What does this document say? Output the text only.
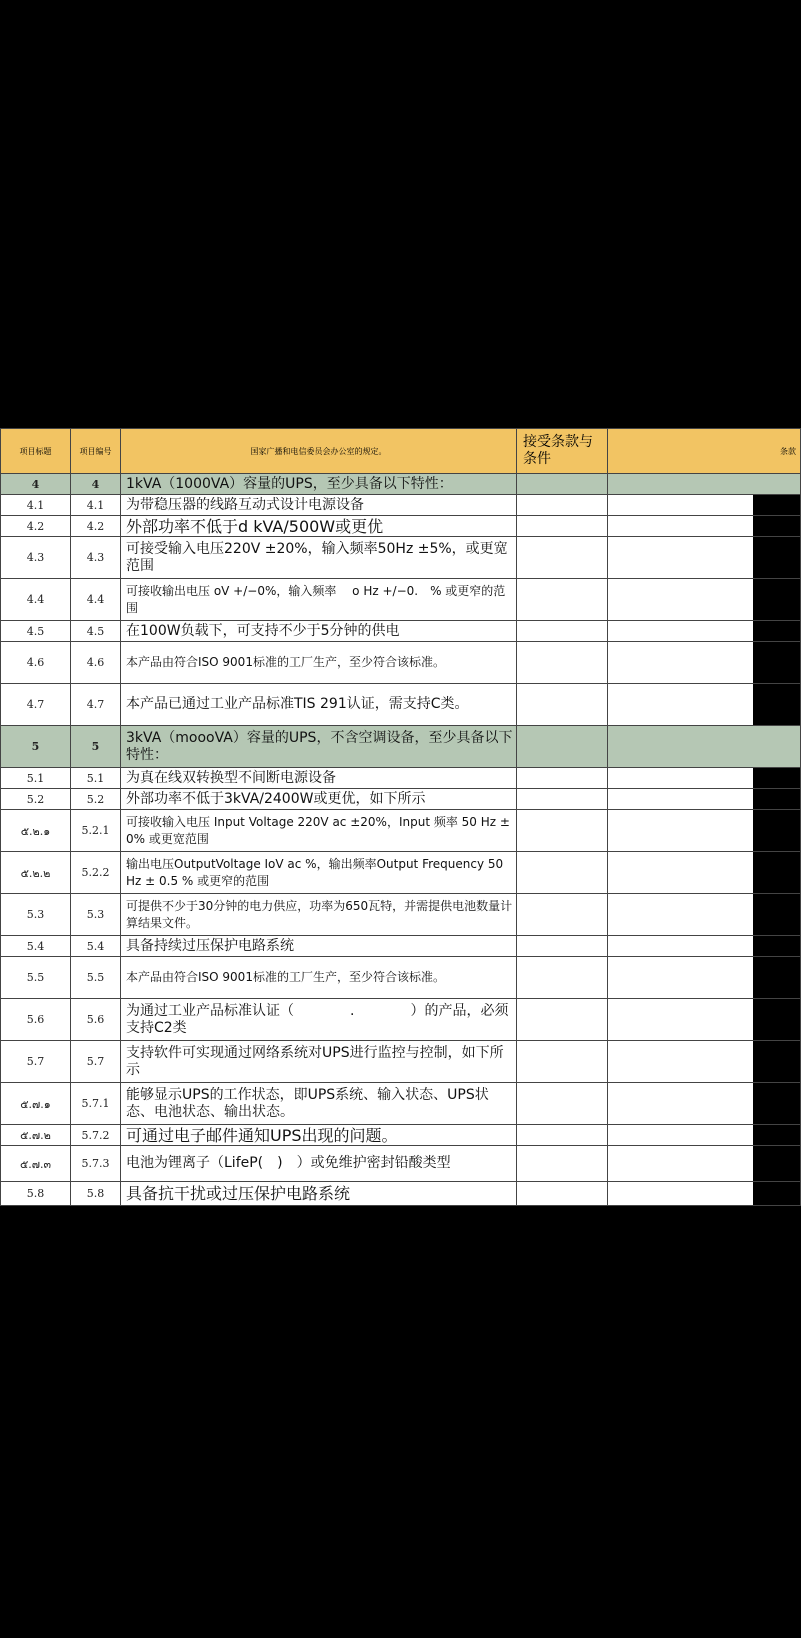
项目标题	项目编号	国家广播和电信委员会办公室的规定。	接受条款与条件	条款
4	4	1kVA（1000VA）容量的UPS，至少具备以下特性：		
4.1	4.1	为带稳压器的线路互动式设计电源设备		
4.2	4.2	外部功率不低于d kVA/500W或更优		
4.3	4.3	可接受输入电压220V ±20%，输入频率50Hz ±5%，或更宽范围		
4.4	4.4	可接收输出电压 oV +/−0%，输入频率　 o Hz +/−0.　% 或更窄的范围		
4.5	4.5	在100W负载下，可支持不少于5分钟的供电		
4.6	4.6	本产品由符合ISO 9001标准的工厂生产，至少符合该标准。		
4.7	4.7	本产品已通过工业产品标准TIS 291认证，需支持C类。		
5	5	3kVA（moooVA）容量的UPS，不含空调设备，至少具备以下特性：		
5.1	5.1	为真在线双转换型不间断电源设备		
5.2	5.2	外部功率不低于3kVA/2400W或更优，如下所示		
๕.๒.๑	5.2.1	可接收输入电压 Input Voltage 220V ac ±20%，Input 频率 50 Hz ± 0% 或更宽范围		
๕.๒.๒	5.2.2	输出电压OutputVoltage IoV ac %，输出频率Output Frequency 50 Hz ± 0.5 % 或更窄的范围		
5.3	5.3	可提供不少于30分钟的电力供应，功率为650瓦特，并需提供电池数量计算结果文件。		
5.4	5.4	具备持续过压保护电路系统		
5.5	5.5	本产品由符合ISO 9001标准的工厂生产，至少符合该标准。		
5.6	5.6	为通过工业产品标准认证（　　　　.　　　　）的产品，必须支持C2类		
5.7	5.7	支持软件可实现通过网络系统对UPS进行监控与控制，如下所示		
๕.๗.๑	5.7.1	能够显示UPS的工作状态，即UPS系统、输入状态、UPS状态、电池状态、输出状态。		
๕.๗.๒	5.7.2	可通过电子邮件通知UPS出现的问题。		
๕.๗.๓	5.7.3	电池为锂离子（LifeP(　)　）或免维护密封铅酸类型		
5.8	5.8	具备抗干扰或过压保护电路系统		
